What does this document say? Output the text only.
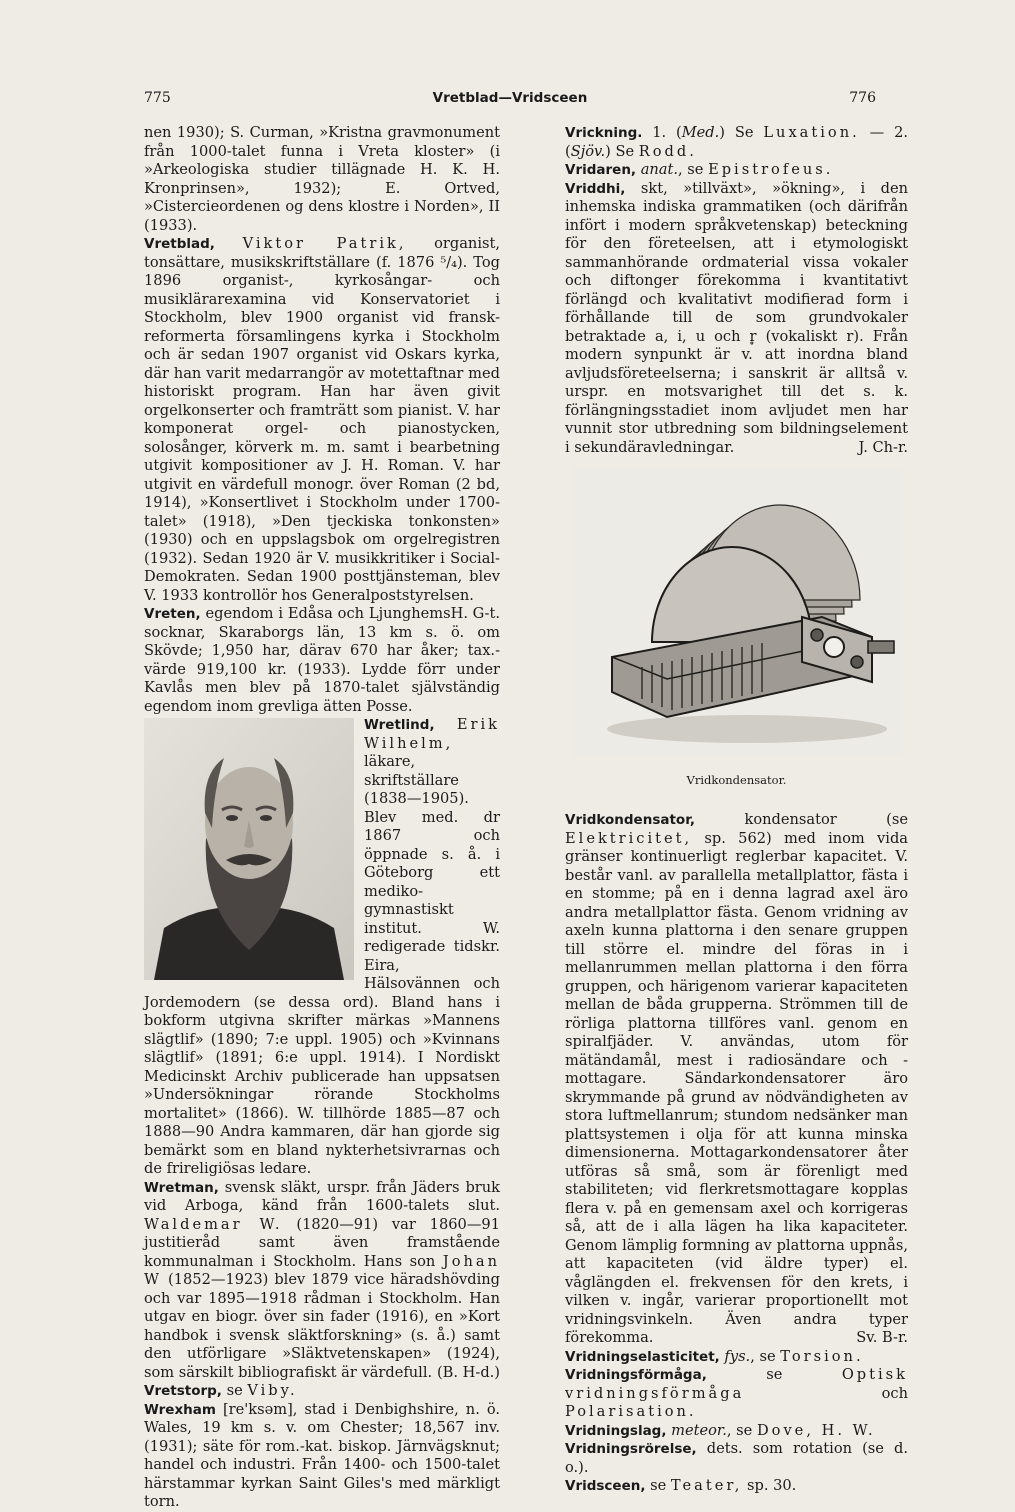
775	Vretblad—Vridsceen	776

nen 1930); S. Curman, »Kristna gravmonument från 1000-talet funna i Vreta kloster» (i »Arkeologiska studier tillägnade H. K. H. Kronprinsen», 1932); E. Ortved, »Cistercieordenen og dens klostre i Norden», II (1933).

Vretblad, Viktor Patrik, organist, tonsättare, musikskriftställare (f. 1876 ⁵/₄). Tog 1896 organist-, kyrkosångar- och musiklärarexamina vid Konservatoriet i Stockholm, blev 1900 organist vid fransk-reformerta församlingens kyrka i Stockholm och är sedan 1907 organist vid Oskars kyrka, där han varit medarrangör av motettaftnar med historiskt program. Han har även givit orgelkonserter och framträtt som pianist. V. har komponerat orgel- och pianostycken, solosånger, körverk m. m. samt i bearbetning utgivit kompositioner av J. H. Roman. V. har utgivit en värdefull monogr. över Roman (2 bd, 1914), »Konsertlivet i Stockholm under 1700-talet» (1918), »Den tjeckiska tonkonsten» (1930) och en uppslagsbok om orgelregistren (1932). Sedan 1920 är V. musikkritiker i Social-Demokraten. Sedan 1900 posttjänsteman, blev V. 1933 kontrollör hos Generalpoststyrelsen.
H. G-t.

Vreten, egendom i Edåsa och Ljunghems socknar, Skaraborgs län, 13 km s. ö. om Skövde; 1,950 har, därav 670 har åker; tax.-värde 919,100 kr. (1933). Lydde förr under Kavlås men blev på 1870-talet självständig egendom inom grevliga ätten Posse.

Wretlind, Erik Wilhelm, läkare, skriftställare (1838—1905). Blev med. dr 1867 och öppnade s. å. i Göteborg ett mediko-gymnastiskt institut. W. redigerade tidskr. Eira, Hälsovännen och Jordemodern (se dessa ord). Bland hans i bokform utgivna skrifter märkas »Mannens slägtlif» (1890; 7:e uppl. 1905) och »Kvinnans slägtlif» (1891; 6:e uppl. 1914). I Nordiskt Medicinskt Archiv publicerade han uppsatsen »Undersökningar rörande Stockholms mortalitet» (1866). W. tillhörde 1885—87 och 1888—90 Andra kammaren, där han gjorde sig bemärkt som en bland nykterhetsivrarnas och de frireligiösas ledare.

Wretman, svensk släkt, urspr. från Jäders bruk vid Arboga, känd från 1600-talets slut. Waldemar W. (1820—91) var 1860—91 justitieråd samt även framstående kommunalman i Stockholm. Hans son Johan W (1852—1923) blev 1879 vice häradshövding och var 1895—1918 rådman i Stockholm. Han utgav en biogr. över sin fader (1916), en »Kort handbok i svensk släktforskning» (s. å.) samt den utförligare »Släktvetenskapen» (1924), som särskilt bibliografiskt är värdefull. (B. H-d.)

Vretstorp, se Viby.

Wrexham [re'ksəm], stad i Denbighshire, n. ö. Wales, 19 km s. v. om Chester; 18,567 inv. (1931); säte för rom.-kat. biskop. Järnvägsknut; handel och industri. Från 1400- och 1500-talet härstammar kyrkan Saint Giles's med märkligt torn.

Vrickning. 1. (Med.) Se Luxation. — 2. (Sjöv.) Se Rodd.

Vridaren, anat., se Epistrofeus.

Vriddhi, skt, »tillväxt», »ökning», i den inhemska indiska grammatiken (och därifrån infört i modern språkvetenskap) beteckning för den företeelsen, att i etymologiskt sammanhörande ordmaterial vissa vokaler och diftonger förekomma i kvantitativt förlängd och kvalitativt modifierad form i förhållande till de som grundvokaler betraktade a, i, u och r̥ (vokaliskt r). Från modern synpunkt är v. att inordna bland avljudsföreteelserna; i sanskrit är alltså v. urspr. en motsvarighet till det s. k. förlängningsstadiet inom avljudet men har vunnit stor utbredning som bildningselement i sekundäravledningar.	J. Ch-r.

Vridkondensator.

Vridkondensator, kondensator (se Elektricitet, sp. 562) med inom vida gränser kontinuerligt reglerbar kapacitet. V. består vanl. av parallella metallplattor, fästa i en stomme; på en i denna lagrad axel äro andra metallplattor fästa. Genom vridning av axeln kunna plattorna i den senare gruppen till större el. mindre del föras in i mellanrummen mellan plattorna i den förra gruppen, och härigenom varierar kapaciteten mellan de båda grupperna. Strömmen till de rörliga plattorna tillföres vanl. genom en spiralfjäder. V. användas, utom för mätändamål, mest i radiosändare och -mottagare. Sändarkondensatorer äro skrymmande på grund av nödvändigheten av stora luftmellanrum; stundom nedsänker man plattsystemen i olja för att kunna minska dimensionerna. Mottagarkondensatorer åter utföras så små, som är förenligt med stabiliteten; vid flerkretsmottagare kopplas flera v. på en gemensam axel och korrigeras så, att de i alla lägen ha lika kapaciteter. Genom lämplig formning av plattorna uppnås, att kapaciteten (vid äldre typer) el. våglängden el. frekvensen för den krets, i vilken v. ingår, varierar proportionellt mot vridningsvinkeln. Även andra typer förekomma.	Sv. B-r.

Vridningselasticitet, fys., se Torsion.

Vridningsförmåga, se Optisk vridningsförmåga och Polarisation.

Vridningslag, meteor., se Dove, H. W.

Vridningsrörelse, dets. som rotation (se d. o.).

Vridsceen, se Teater, sp. 30.
